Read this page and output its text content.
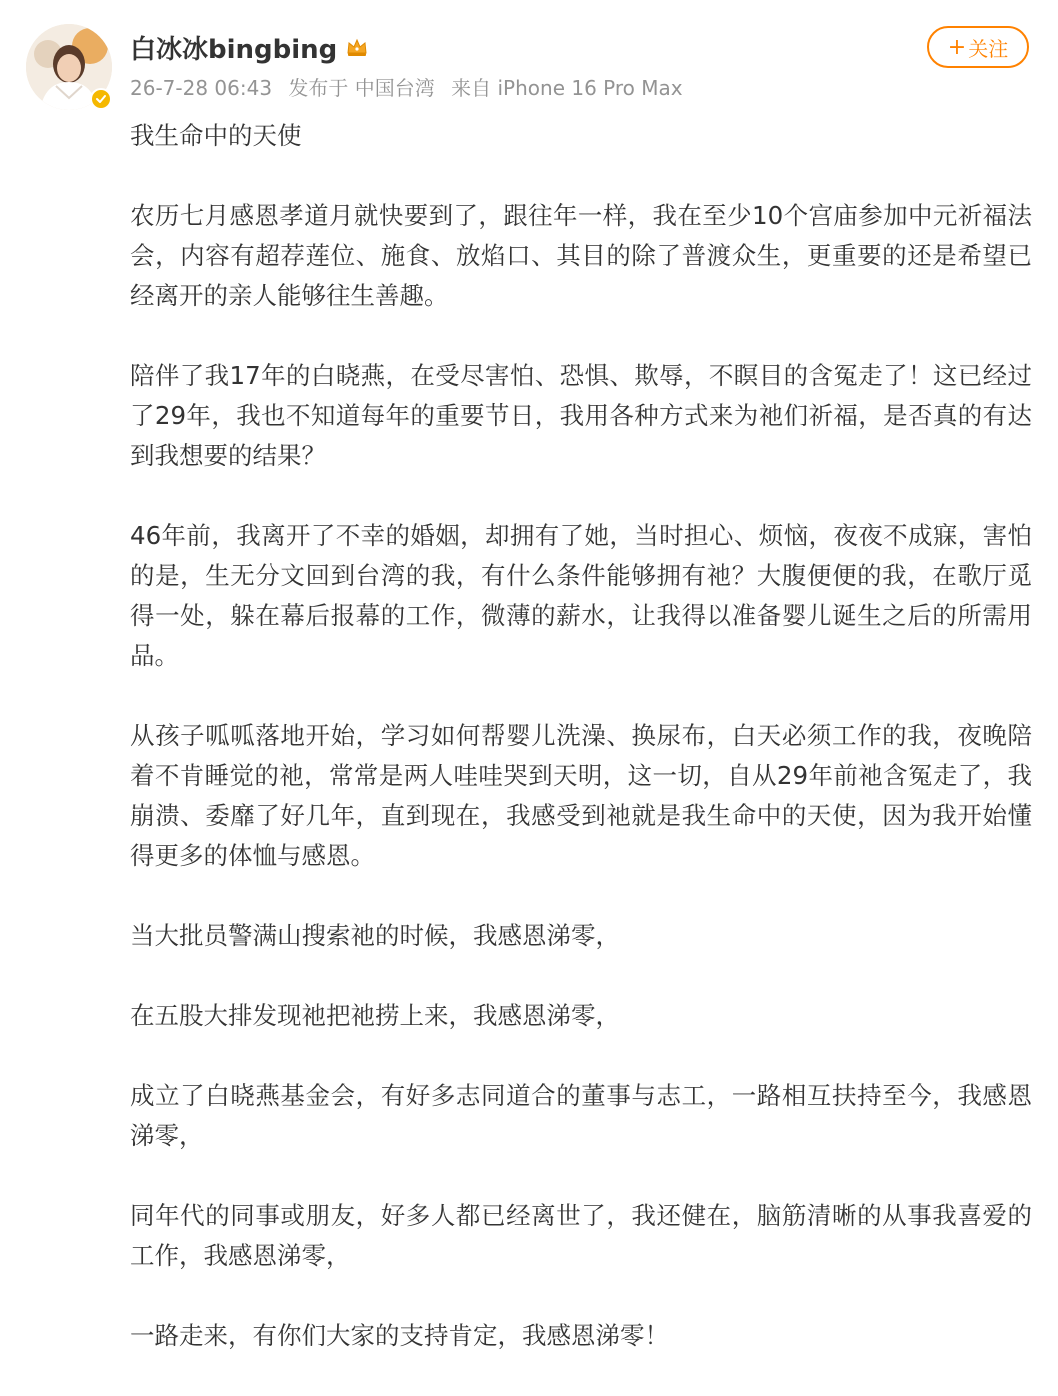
白冰冰bingbing
26-7-28 06:43 发布于 中国台湾 来自 iPhone 16 Pro Max
+ 关注

我生命中的天使

农历七月感恩孝道月就快要到了，跟往年一样，我在至少10个宫庙参加中元祈福法会，内容有超荐莲位、施食、放焰口、其目的除了普渡众生，更重要的还是希望已经离开的亲人能够往生善趣。

陪伴了我17年的白晓燕，在受尽害怕、恐惧、欺辱，不瞑目的含冤走了！这已经过了29年，我也不知道每年的重要节日，我用各种方式来为祂们祈福，是否真的有达到我想要的结果？

46年前，我离开了不幸的婚姻，却拥有了她，当时担心、烦恼，夜夜不成寐，害怕的是，生无分文回到台湾的我，有什么条件能够拥有祂？大腹便便的我，在歌厅觅得一处，躲在幕后报幕的工作，微薄的薪水，让我得以准备婴儿诞生之后的所需用品。

从孩子呱呱落地开始，学习如何帮婴儿洗澡、换尿布，白天必须工作的我，夜晚陪着不肯睡觉的祂，常常是两人哇哇哭到天明，这一切，自从29年前祂含冤走了，我崩溃、委靡了好几年，直到现在，我感受到祂就是我生命中的天使，因为我开始懂得更多的体恤与感恩。

当大批员警满山搜索祂的时候，我感恩涕零，

在五股大排发现祂把祂捞上来，我感恩涕零，

成立了白晓燕基金会，有好多志同道合的董事与志工，一路相互扶持至今，我感恩涕零，

同年代的同事或朋友，好多人都已经离世了，我还健在，脑筋清晰的从事我喜爱的工作，我感恩涕零，

一路走来，有你们大家的支持肯定，我感恩涕零！
